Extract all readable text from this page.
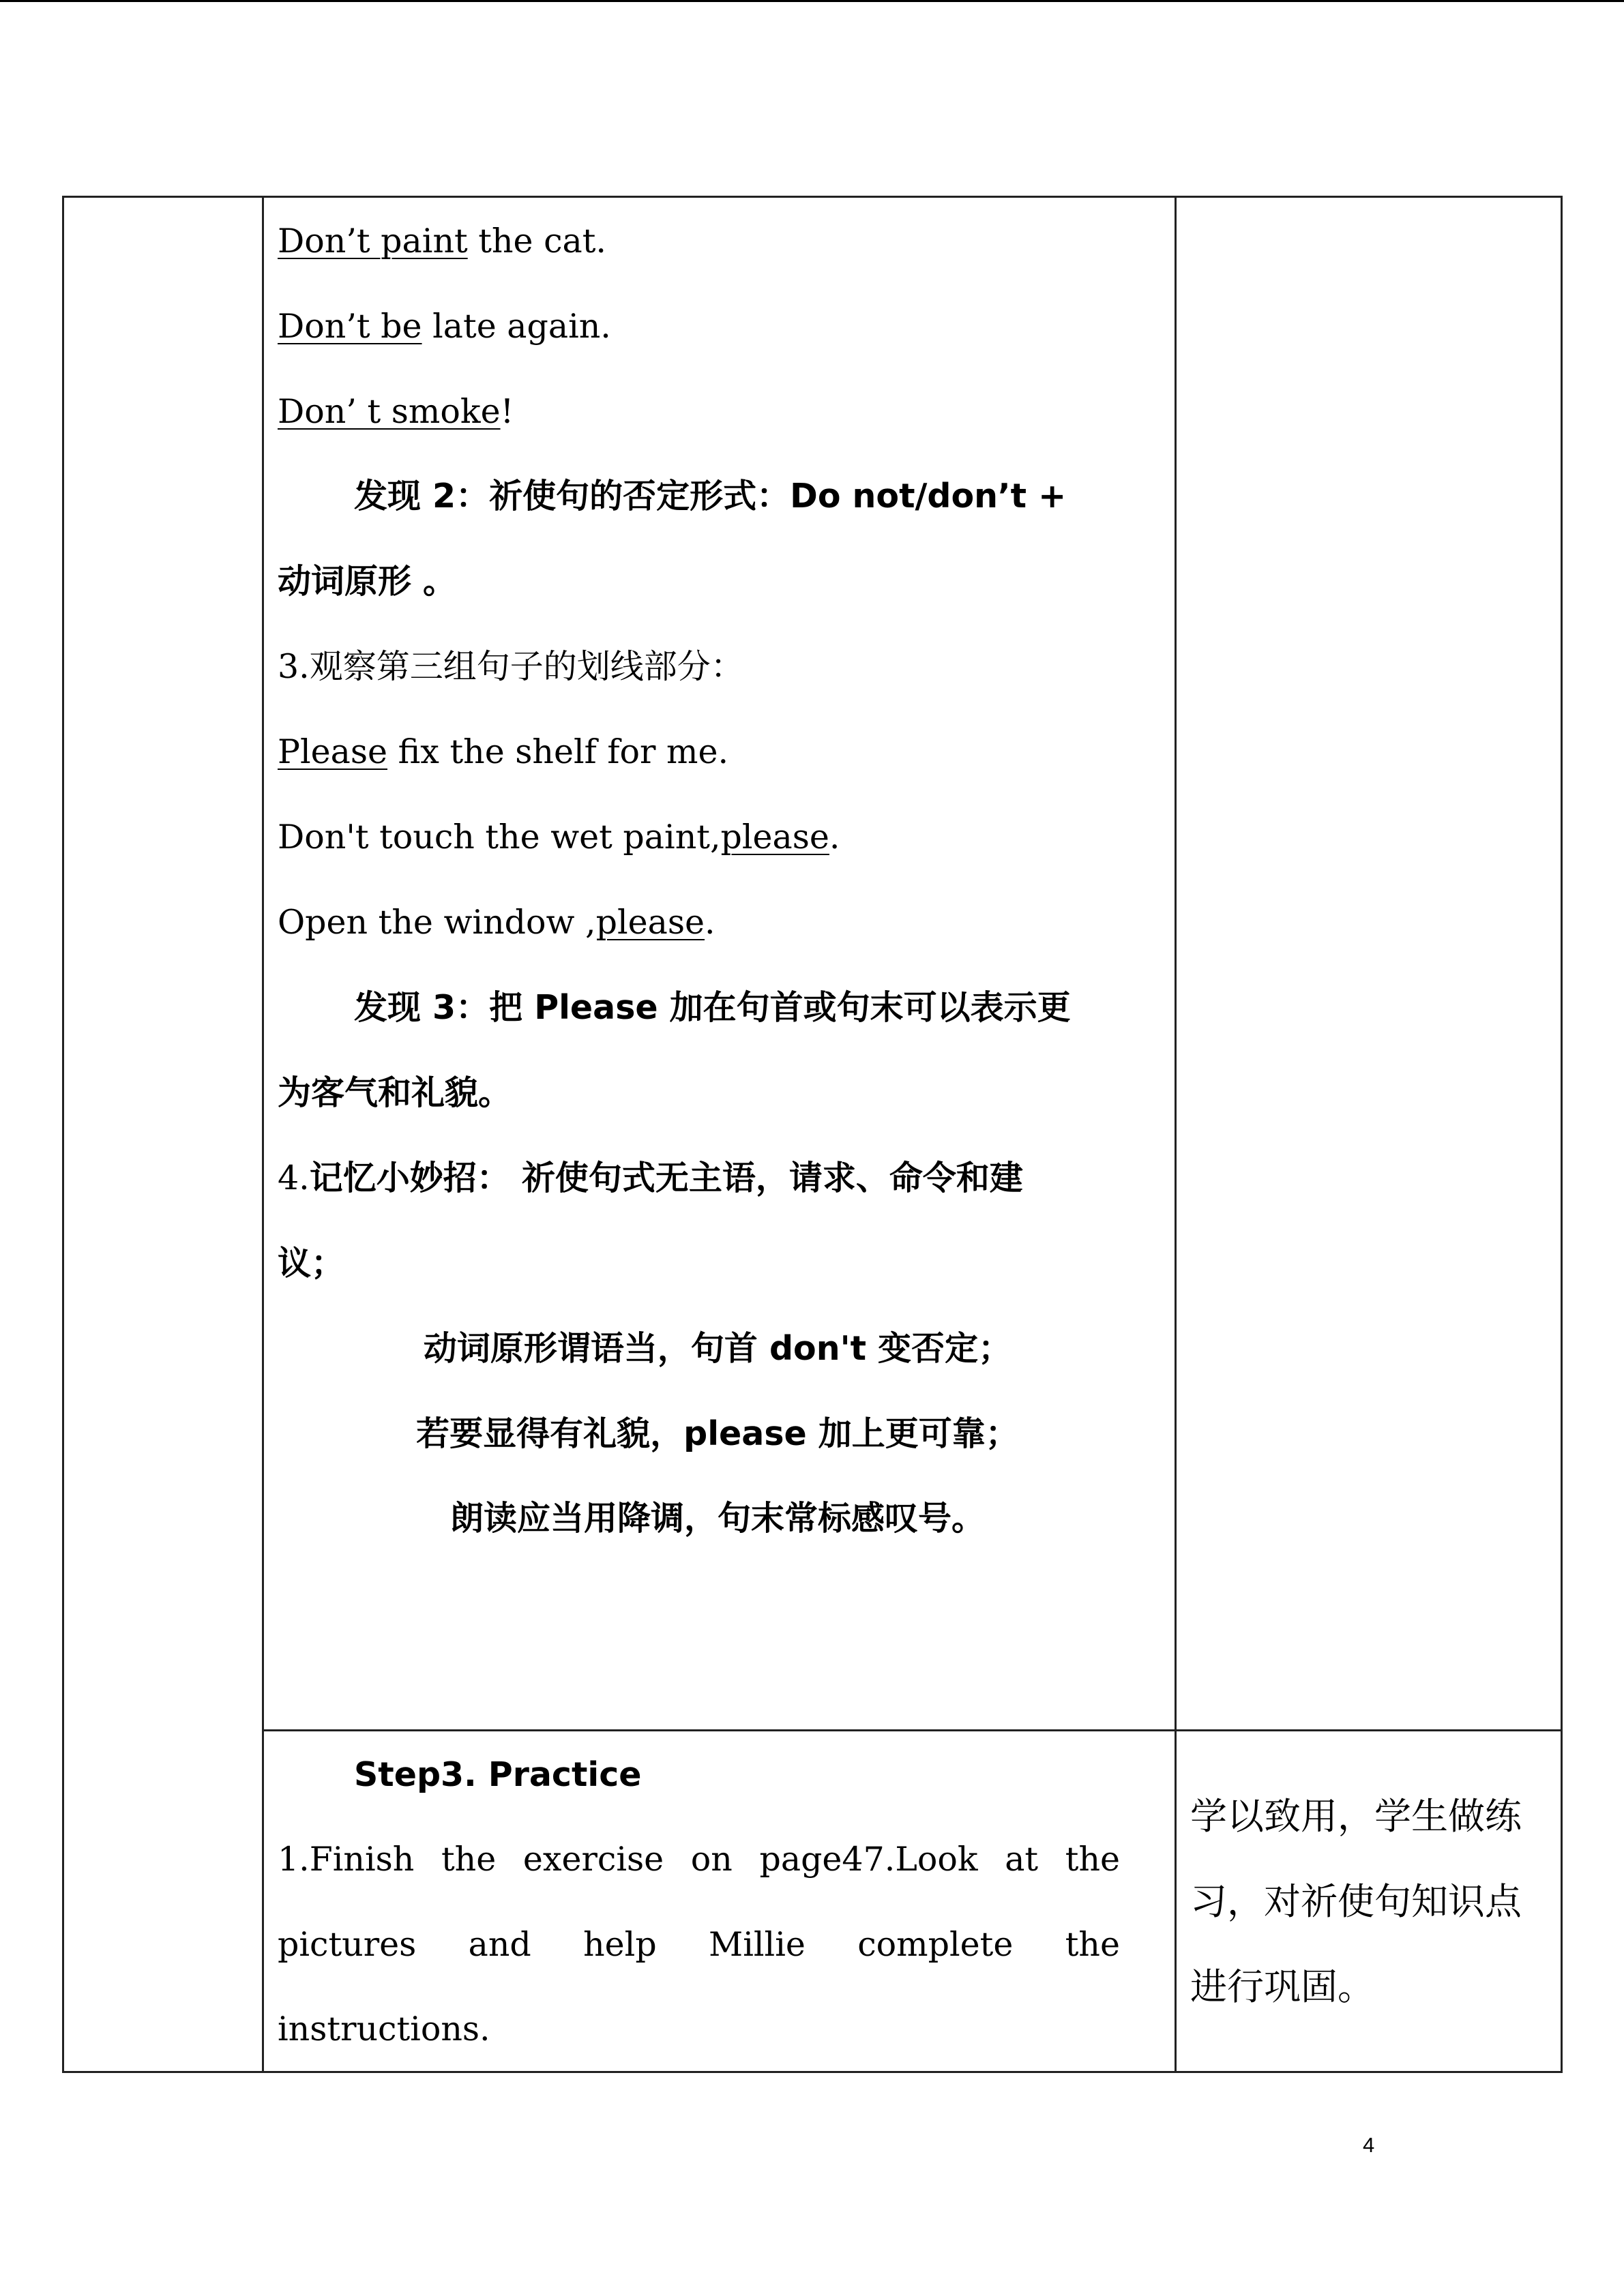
Don’t paint the cat.
Don’t be late again.
Don’ t smoke!
发现 2：祈使句的否定形式：Do not/don’t +
动词原形 。
3.观察第三组句子的划线部分：
Please fix the shelf for me.
Don't touch the wet paint,please.
Open the window ,please.
发现 3：把 Please 加在句首或句末可以表示更
为客气和礼貌。
4.记忆小妙招： 祈使句式无主语，请求、命令和建
议；
动词原形谓语当，句首 don't 变否定；
若要显得有礼貌，please 加上更可靠；
朗读应当用降调，句末常标感叹号。
Step3. Practice
1.Finish the exercise on page47.Look at the
pictures and help Millie complete the
instructions.
学以致用，学生做练
习，对祈使句知识点
进行巩固。
4
